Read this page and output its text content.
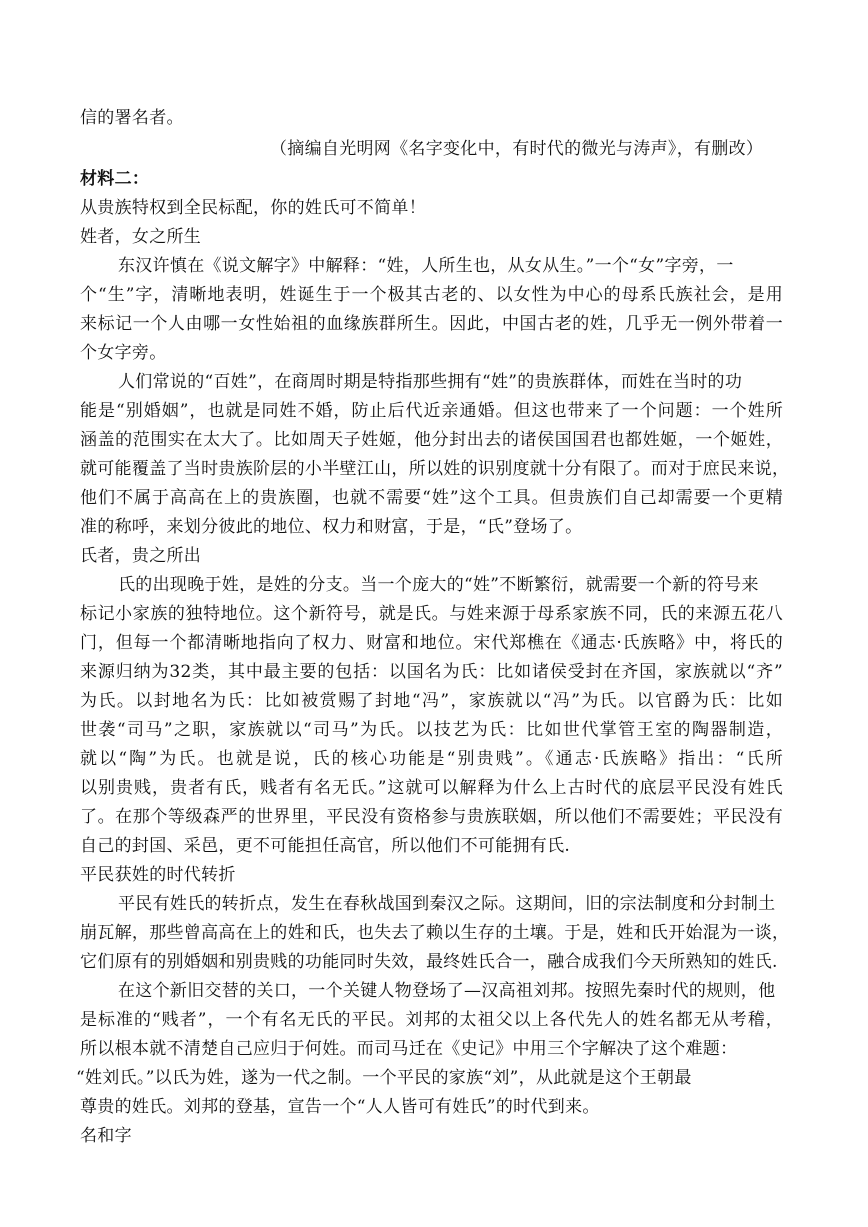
信的署名者。
（摘编自光明网《名字变化中，有时代的微光与涛声》，有删改）
材料二：
从贵族特权到全民标配，你的姓氏可不简单！
姓者，女之所生
东汉许慎在《说文解字》中解释：“姓，人所生也，从女从生。”一个“女”字旁，一
个“生”字，清晰地表明，姓诞生于一个极其古老的、以女性为中心的母系氏族社会，是用
来标记一个人由哪一女性始祖的血缘族群所生。因此，中国古老的姓，几乎无一例外带着一
个女字旁。
人们常说的“百姓”，在商周时期是特指那些拥有“姓”的贵族群体，而姓在当时的功
能是“别婚姻”，也就是同姓不婚，防止后代近亲通婚。但这也带来了一个问题：一个姓所
涵盖的范围实在太大了。比如周天子姓姬，他分封出去的诸侯国国君也都姓姬，一个姬姓，
就可能覆盖了当时贵族阶层的小半壁江山，所以姓的识别度就十分有限了。而对于庶民来说，
他们不属于高高在上的贵族圈，也就不需要“姓”这个工具。但贵族们自己却需要一个更精
准的称呼，来划分彼此的地位、权力和财富，于是，“氏”登场了。
氏者，贵之所出
氏的出现晚于姓，是姓的分支。当一个庞大的“姓”不断繁衍，就需要一个新的符号来
标记小家族的独特地位。这个新符号，就是氏。与姓来源于母系家族不同，氏的来源五花八
门，但每一个都清晰地指向了权力、财富和地位。宋代郑樵在《通志·氏族略》中，将氏的
来源归纳为32类，其中最主要的包括：以国名为氏：比如诸侯受封在齐国，家族就以“齐”
为氏。以封地名为氏：比如被赏赐了封地“冯”，家族就以“冯”为氏。以官爵为氏：比如
世袭“司马”之职，家族就以“司马”为氏。以技艺为氏：比如世代掌管王室的陶器制造，
就以“陶”为氏。也就是说，氏的核心功能是“别贵贱”。《通志·氏族略》指出：“氏所
以别贵贱，贵者有氏，贱者有名无氏。”这就可以解释为什么上古时代的底层平民没有姓氏
了。在那个等级森严的世界里，平民没有资格参与贵族联姻，所以他们不需要姓；平民没有
自己的封国、采邑，更不可能担任高官，所以他们不可能拥有氏.
平民获姓的时代转折
平民有姓氏的转折点，发生在春秋战国到秦汉之际。这期间，旧的宗法制度和分封制土
崩瓦解，那些曾高高在上的姓和氏，也失去了赖以生存的土壤。于是，姓和氏开始混为一谈，
它们原有的别婚姻和别贵贱的功能同时失效，最终姓氏合一，融合成我们今天所熟知的姓氏.
在这个新旧交替的关口，一个关键人物登场了—汉高祖刘邦。按照先秦时代的规则，他
是标准的“贱者”，一个有名无氏的平民。刘邦的太祖父以上各代先人的姓名都无从考稽，
所以根本就不清楚自己应归于何姓。而司马迁在《史记》中用三个字解决了这个难题：
“姓刘氏。”以氏为姓，遂为一代之制。一个平民的家族“刘”，从此就是这个王朝最
尊贵的姓氏。刘邦的登基，宣告一个“人人皆可有姓氏”的时代到来。
名和字
